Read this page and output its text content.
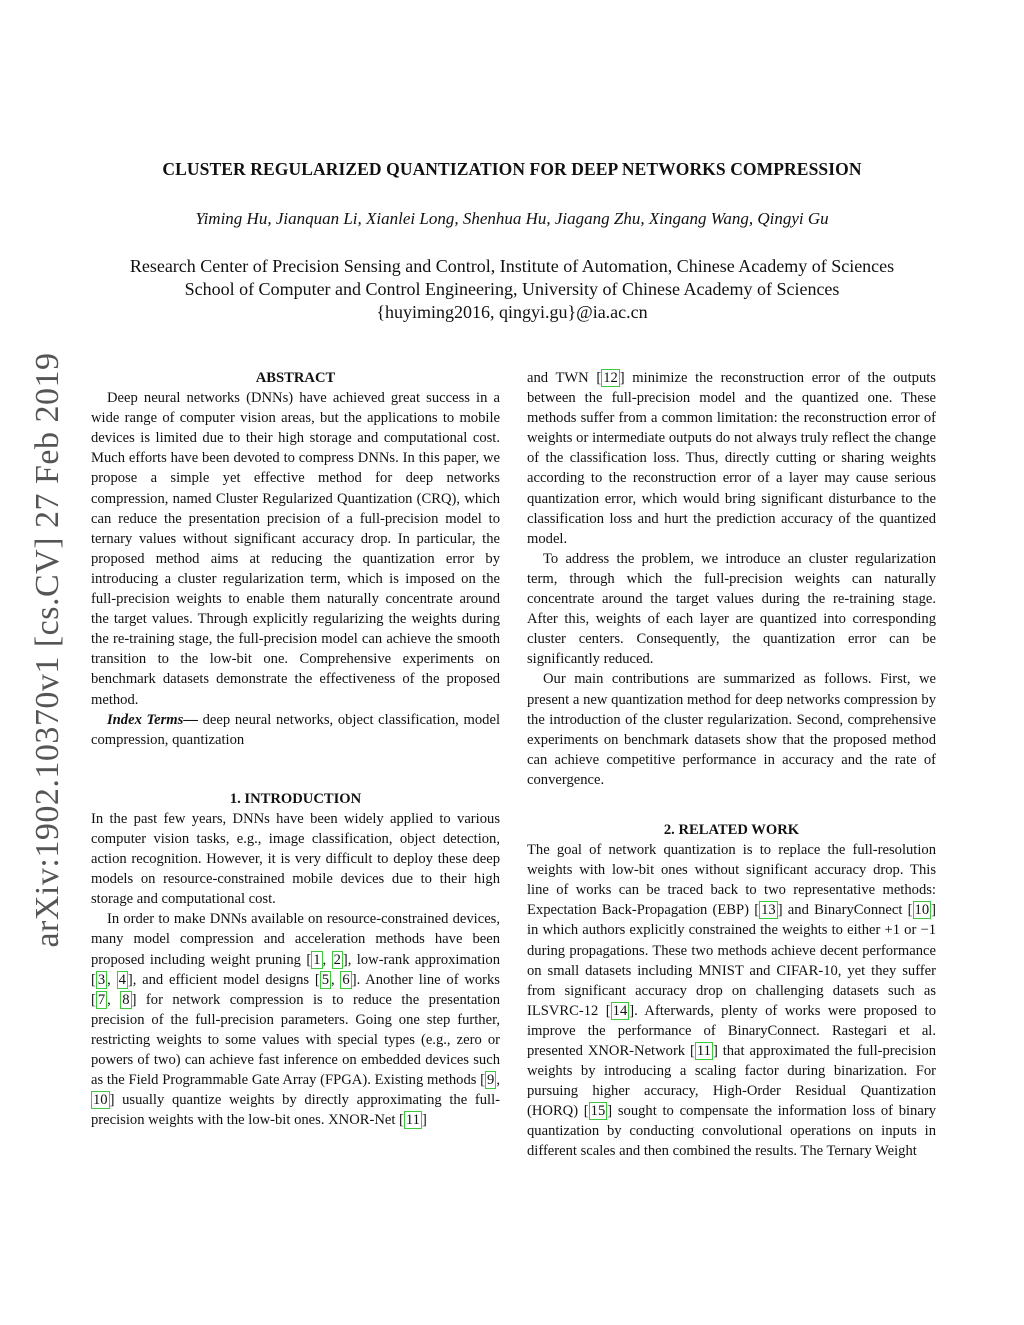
CLUSTER REGULARIZED QUANTIZATION FOR DEEP NETWORKS COMPRESSION
Yiming Hu, Jianquan Li, Xianlei Long, Shenhua Hu, Jiagang Zhu, Xingang Wang, Qingyi Gu
Research Center of Precision Sensing and Control, Institute of Automation, Chinese Academy of Sciences
School of Computer and Control Engineering, University of Chinese Academy of Sciences
{huyiming2016, qingyi.gu}@ia.ac.cn
arXiv:1902.10370v1 [cs.CV] 27 Feb 2019	ABSTRACT

Deep neural networks (DNNs) have achieved great success in a wide range of computer vision areas, but the applications to mobile devices is limited due to their high storage and computational cost. Much efforts have been devoted to compress DNNs. In this paper, we propose a simple yet effective method for deep networks compression, named Cluster Regularized Quantization (CRQ), which can reduce the presentation precision of a full-precision model to ternary values without significant accuracy drop. In particular, the proposed method aims at reducing the quantization error by introducing a cluster regularization term, which is imposed on the full-precision weights to enable them naturally concentrate around the target values. Through explicitly regularizing the weights during the re-training stage, the full-precision model can achieve the smooth transition to the low-bit one. Comprehensive experiments on benchmark datasets demonstrate the effectiveness of the proposed method.

Index Terms— deep neural networks, object classification, model compression, quantization

1. INTRODUCTION

In the past few years, DNNs have been widely applied to various computer vision tasks, e.g., image classification, object detection, action recognition. However, it is very difficult to deploy these deep models on resource-constrained mobile devices due to their high storage and computational cost.

In order to make DNNs available on resource-constrained devices, many model compression and acceleration methods have been proposed including weight pruning [ 1 , 2 ], low-rank approximation [ 3 , 4 ], and efficient model designs [ 5 , 6 ]. Another line of works [ 7 , 8 ] for network compression is to reduce the presentation precision of the full-precision parameters. Going one step further, restricting weights to some values with special types (e.g., zero or powers of two) can achieve fast inference on embedded devices such as the Field Programmable Gate Array (FPGA). Existing methods [ 9 , 10 ] usually quantize weights by directly approximating the full-precision weights with the low-bit ones. XNOR-Net [ 11 ]

and TWN [ 12 ] minimize the reconstruction error of the outputs between the full-precision model and the quantized one. These methods suffer from a common limitation: the reconstruction error of weights or intermediate outputs do not always truly reflect the change of the classification loss. Thus, directly cutting or sharing weights according to the reconstruction error of a layer may cause serious quantization error, which would bring significant disturbance to the classification loss and hurt the prediction accuracy of the quantized model.

To address the problem, we introduce an cluster regularization term, through which the full-precision weights can naturally concentrate around the target values during the re-training stage. After this, weights of each layer are quantized into corresponding cluster centers. Consequently, the quantization error can be significantly reduced.

Our main contributions are summarized as follows. First, we present a new quantization method for deep networks compression by the introduction of the cluster regularization. Second, comprehensive experiments on benchmark datasets show that the proposed method can achieve competitive performance in accuracy and the rate of convergence.

2. RELATED WORK

The goal of network quantization is to replace the full-resolution weights with low-bit ones without significant accuracy drop. This line of works can be traced back to two representative methods: Expectation Back-Propagation (EBP) [ 13 ] and BinaryConnect [ 10 ] in which authors explicitly constrained the weights to either +1 or −1 during propagations. These two methods achieve decent performance on small datasets including MNIST and CIFAR-10, yet they suffer from significant accuracy drop on challenging datasets such as ILSVRC-12 [ 14 ]. Afterwards, plenty of works were proposed to improve the performance of BinaryConnect. Rastegari et al. presented XNOR-Network [ 11 ] that approximated the full-precision weights by introducing a scaling factor during binarization. For pursuing higher accuracy, High-Order Residual Quantization (HORQ) [ 15 ] sought to compensate the information loss of binary quantization by conducting convolutional operations on inputs in different scales and then combined the results. The Ternary Weight
